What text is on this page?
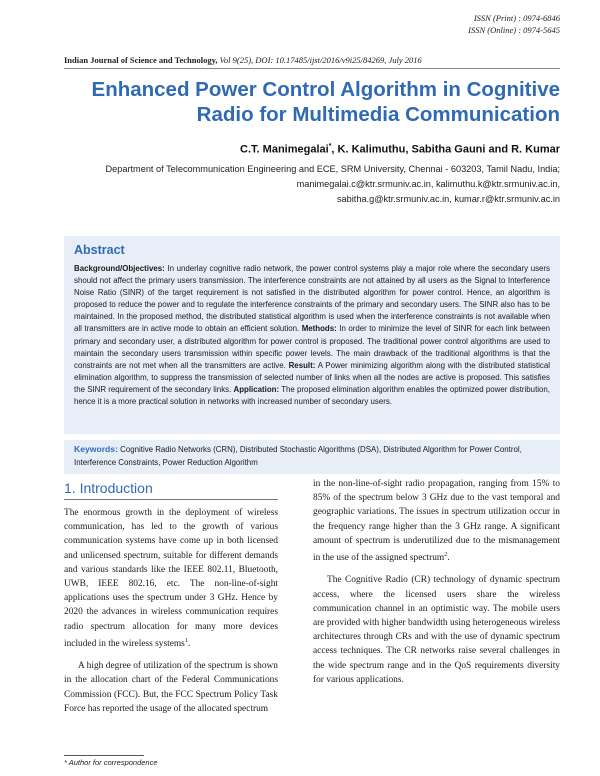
ISSN (Print) : 0974-6846
ISSN (Online) : 0974-5645
Indian Journal of Science and Technology, Vol 9(25), DOI: 10.17485/ijst/2016/v9i25/84269, July 2016
Enhanced Power Control Algorithm in Cognitive
Radio for Multimedia Communication
C.T. Manimegalai*, K. Kalimuthu, Sabitha Gauni and R. Kumar
Department of Telecommunication Engineering and ECE, SRM University, Chennai - 603203, Tamil Nadu, India;
manimegalai.c@ktr.srmuniv.ac.in, kalimuthu.k@ktr.srmuniv.ac.in,
sabitha.g@ktr.srmuniv.ac.in, kumar.r@ktr.srmuniv.ac.in
Abstract
Background/Objectives: In underlay cognitive radio network, the power control systems play a major role where the secondary users should not affect the primary users transmission. The interference constraints are not attained by all users as the Signal to Interference Noise Ratio (SINR) of the target requirement is not satisfied in the distributed algorithm for power control. Hence, an algorithm is proposed to reduce the power and to regulate the interference constraints of the primary and secondary users. The SINR also has to be maintained. In the proposed method, the distributed statistical algorithm is used when the interference constraints is not available when all transmitters are in active mode to obtain an efficient solution. Methods: In order to minimize the level of SINR for each link between primary and secondary user, a distributed algorithm for power control is proposed. The traditional power control algorithms are used to maintain the secondary users transmission within specific power levels. The main drawback of the traditional algorithms is that the constraints are not met when all the transmitters are active. Result: A Power minimizing algorithm along with the distributed statistical elimination algorithm, to suppress the transmission of selected number of links when all the nodes are active is proposed. This satisfies the SINR requirement of the secondary links. Application: The proposed elimination algorithm enables the optimized power distribution, hence it is a more practical solution in networks with increased number of secondary users.
Keywords: Cognitive Radio Networks (CRN), Distributed Stochastic Algorithms (DSA), Distributed Algorithm for Power Control, Interference Constraints, Power Reduction Algorithm
1. Introduction

The enormous growth in the deployment of wireless communication, has led to the growth of various communication systems have come up in both licensed and unlicensed spectrum, suitable for different demands and various standards like the IEEE 802.11, Bluetooth, UWB, IEEE 802.16, etc. The non-line-of-sight applications uses the spectrum under 3 GHz. Hence by 2020 the advances in wireless communication requires radio spectrum allocation for many more devices included in the wireless systems$^1$.

A high degree of utilization of the spectrum is shown in the allocation chart of the Federal Communications Commission (FCC). But, the FCC Spectrum Policy Task Force has reported the usage of the allocated spectrum

in the non-line-of-sight radio propagation, ranging from 15% to 85% of the spectrum below 3 GHz due to the vast temporal and geographic variations. The issues in spectrum utilization occur in the frequency range higher than the 3 GHz range. A significant amount of spectrum is underutilized due to the mismanagement in the use of the assigned spectrum$^2$.

The Cognitive Radio (CR) technology of dynamic spectrum access, where the licensed users share the wireless communication channel in an optimistic way. The mobile users are provided with higher bandwidth using heterogeneous wireless architectures through CRs and with the use of dynamic spectrum access techniques. The CR networks raise several challenges in the wide spectrum range and in the QoS requirements diversity for various applications.

* Author for correspondence
